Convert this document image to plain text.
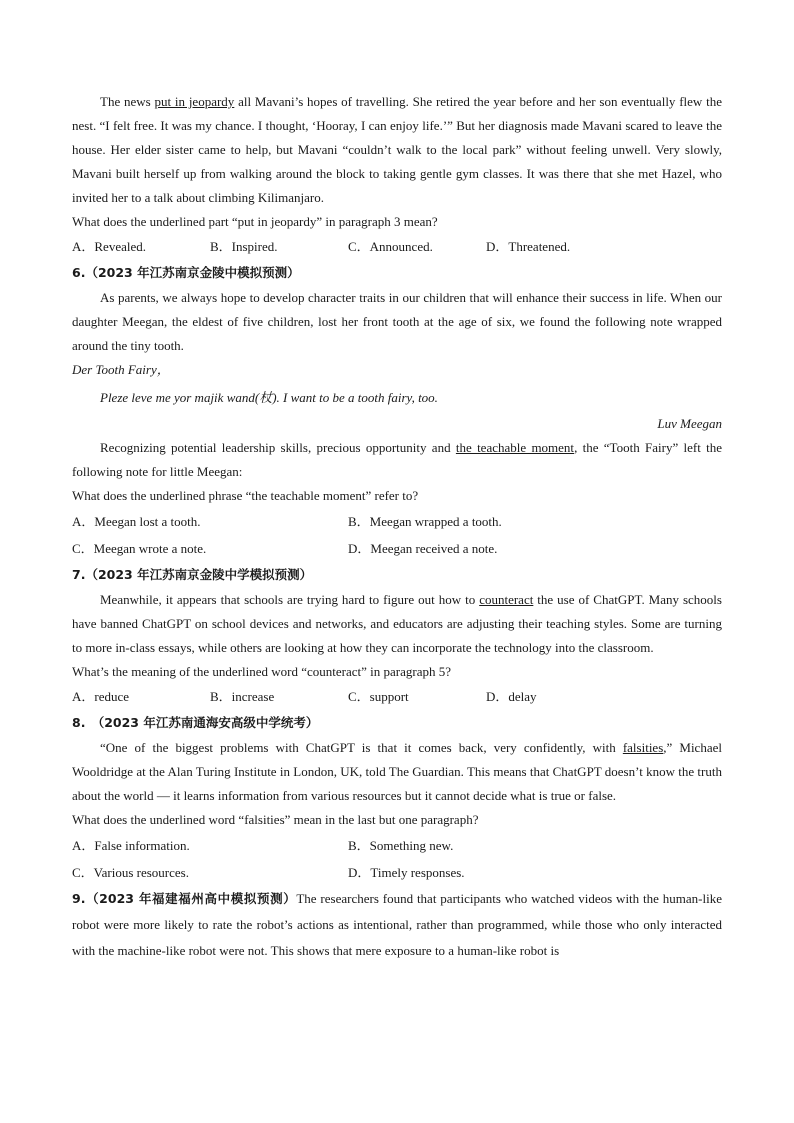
The news put in jeopardy all Mavani’s hopes of travelling. She retired the year before and her son eventually flew the nest. “I felt free. It was my chance. I thought, ‘Hooray, I can enjoy life.’” But her diagnosis made Mavani scared to leave the house. Her elder sister came to help, but Mavani “couldn’t walk to the local park” without feeling unwell. Very slowly, Mavani built herself up from walking around the block to taking gentle gym classes. It was there that she met Hazel, who invited her to a talk about climbing Kilimanjaro.

What does the underlined part “put in jeopardy” in paragraph 3 mean?

A．Revealed.	B．Inspired.	C．Announced.	D．Threatened.

6.（2023 年江苏南京金陵中模拟预测）

As parents, we always hope to develop character traits in our children that will enhance their success in life. When our daughter Meegan, the eldest of five children, lost her front tooth at the age of six, we found the following note wrapped around the tiny tooth.

Der Tooth Fairy，

Pleze leve me yor majik wand(杖). I want to be a tooth fairy, too.

Luv Meegan

Recognizing potential leadership skills, precious opportunity and the teachable moment, the “Tooth Fairy” left the following note for little Meegan:

What does the underlined phrase “the teachable moment” refer to?

A．Meegan lost a tooth.	B．Meegan wrapped a tooth.
C．Meegan wrote a note.	D．Meegan received a note.

7.（2023 年江苏南京金陵中学模拟预测）

Meanwhile, it appears that schools are trying hard to figure out how to counteract the use of ChatGPT. Many schools have banned ChatGPT on school devices and networks, and educators are adjusting their teaching styles. Some are turning to more in-class essays, while others are looking at how they can incorporate the technology into the classroom.

What’s the meaning of the underlined word “counteract” in paragraph 5?

A．reduce	B．increase	C．support	D．delay

8.　（2023 年江苏南通海安高级中学统考）

“One of the biggest problems with ChatGPT is that it comes back, very confidently, with falsities,” Michael Wooldridge at the Alan Turing Institute in London, UK, told The Guardian. This means that ChatGPT doesn’t know the truth about the world — it learns information from various resources but it cannot decide what is true or false.

What does the underlined word “falsities” mean in the last but one paragraph?

A．False information.	B．Something new.
C．Various resources.	D．Timely responses.

9.（2023 年福建福州高中模拟预测）The researchers found that participants who watched videos with the human-like robot were more likely to rate the robot’s actions as intentional, rather than programmed, while those who only interacted with the machine-like robot were not. This shows that mere exposure to a human-like robot is
